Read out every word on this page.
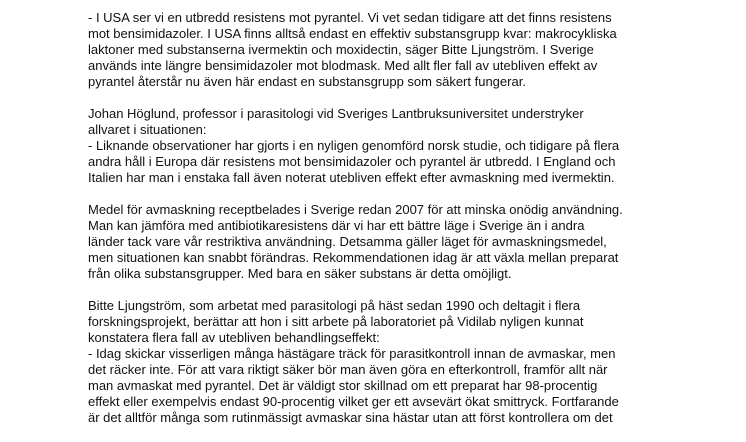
- I USA ser vi en utbredd resistens mot pyrantel. Vi vet sedan tidigare att det finns resistens
mot bensimidazoler. I USA finns alltså endast en effektiv substansgrupp kvar: makrocykliska
laktoner med substanserna ivermektin och moxidectin, säger Bitte Ljungström. I Sverige
används inte längre bensimidazoler mot blodmask. Med allt fler fall av utebliven effekt av
pyrantel återstår nu även här endast en substansgrupp som säkert fungerar.
Johan Höglund, professor i parasitologi vid Sveriges Lantbruksuniversitet understryker
allvaret i situationen:
- Liknande observationer har gjorts i en nyligen genomförd norsk studie, och tidigare på flera
andra håll i Europa där resistens mot bensimidazoler och pyrantel är utbredd. I England och
Italien har man i enstaka fall även noterat utebliven effekt efter avmaskning med ivermektin.
Medel för avmaskning receptbelades i Sverige redan 2007 för att minska onödig användning.
Man kan jämföra med antibiotikaresistens där vi har ett bättre läge i Sverige än i andra
länder tack vare vår restriktiva användning. Detsamma gäller läget för avmaskningsmedel,
men situationen kan snabbt förändras. Rekommendationen idag är att växla mellan preparat
från olika substansgrupper. Med bara en säker substans är detta omöjligt.
Bitte Ljungström, som arbetat med parasitologi på häst sedan 1990 och deltagit i flera
forskningsprojekt, berättar att hon i sitt arbete på laboratoriet på Vidilab nyligen kunnat
konstatera flera fall av utebliven behandlingseffekt:
- Idag skickar visserligen många hästägare träck för parasitkontroll innan de avmaskar, men
det räcker inte. För att vara riktigt säker bör man även göra en efterkontroll, framför allt när
man avmaskat med pyrantel. Det är väldigt stor skillnad om ett preparat har 98-procentig
effekt eller exempelvis endast 90-procentig vilket ger ett avsevärt ökat smittryck. Fortfarande
är det alltför många som rutinmässigt avmaskar sina hästar utan att först kontrollera om det
